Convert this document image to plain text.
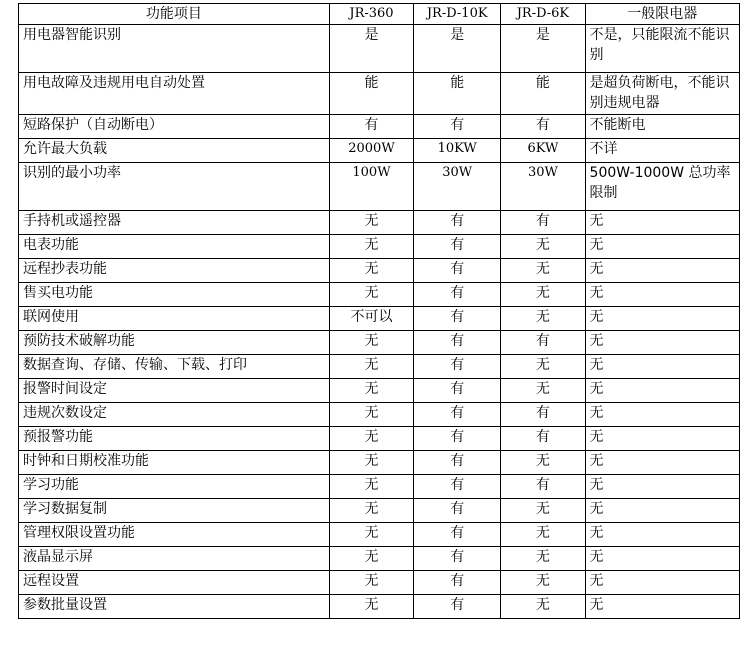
功能项目	JR-360	JR-D-10K	JR-D-6K	一般限电器
用电器智能识别	是	是	是	不是，只能限流不能识别
用电故障及违规用电自动处置	能	能	能	是超负荷断电，不能识别违规电器
短路保护（自动断电）	有	有	有	不能断电
允许最大负载	2000W	10KW	6KW	不详
识别的最小功率	100W	30W	30W	500W-1000W 总功率限制
手持机或遥控器	无	有	有	无
电表功能	无	有	无	无
远程抄表功能	无	有	无	无
售买电功能	无	有	无	无
联网使用	不可以	有	无	无
预防技术破解功能	无	有	有	无
数据查询、存储、传输、下载、打印	无	有	无	无
报警时间设定	无	有	无	无
违规次数设定	无	有	有	无
预报警功能	无	有	有	无
时钟和日期校准功能	无	有	无	无
学习功能	无	有	有	无
学习数据复制	无	有	无	无
管理权限设置功能	无	有	无	无
液晶显示屏	无	有	无	无
远程设置	无	有	无	无
参数批量设置	无	有	无	无
